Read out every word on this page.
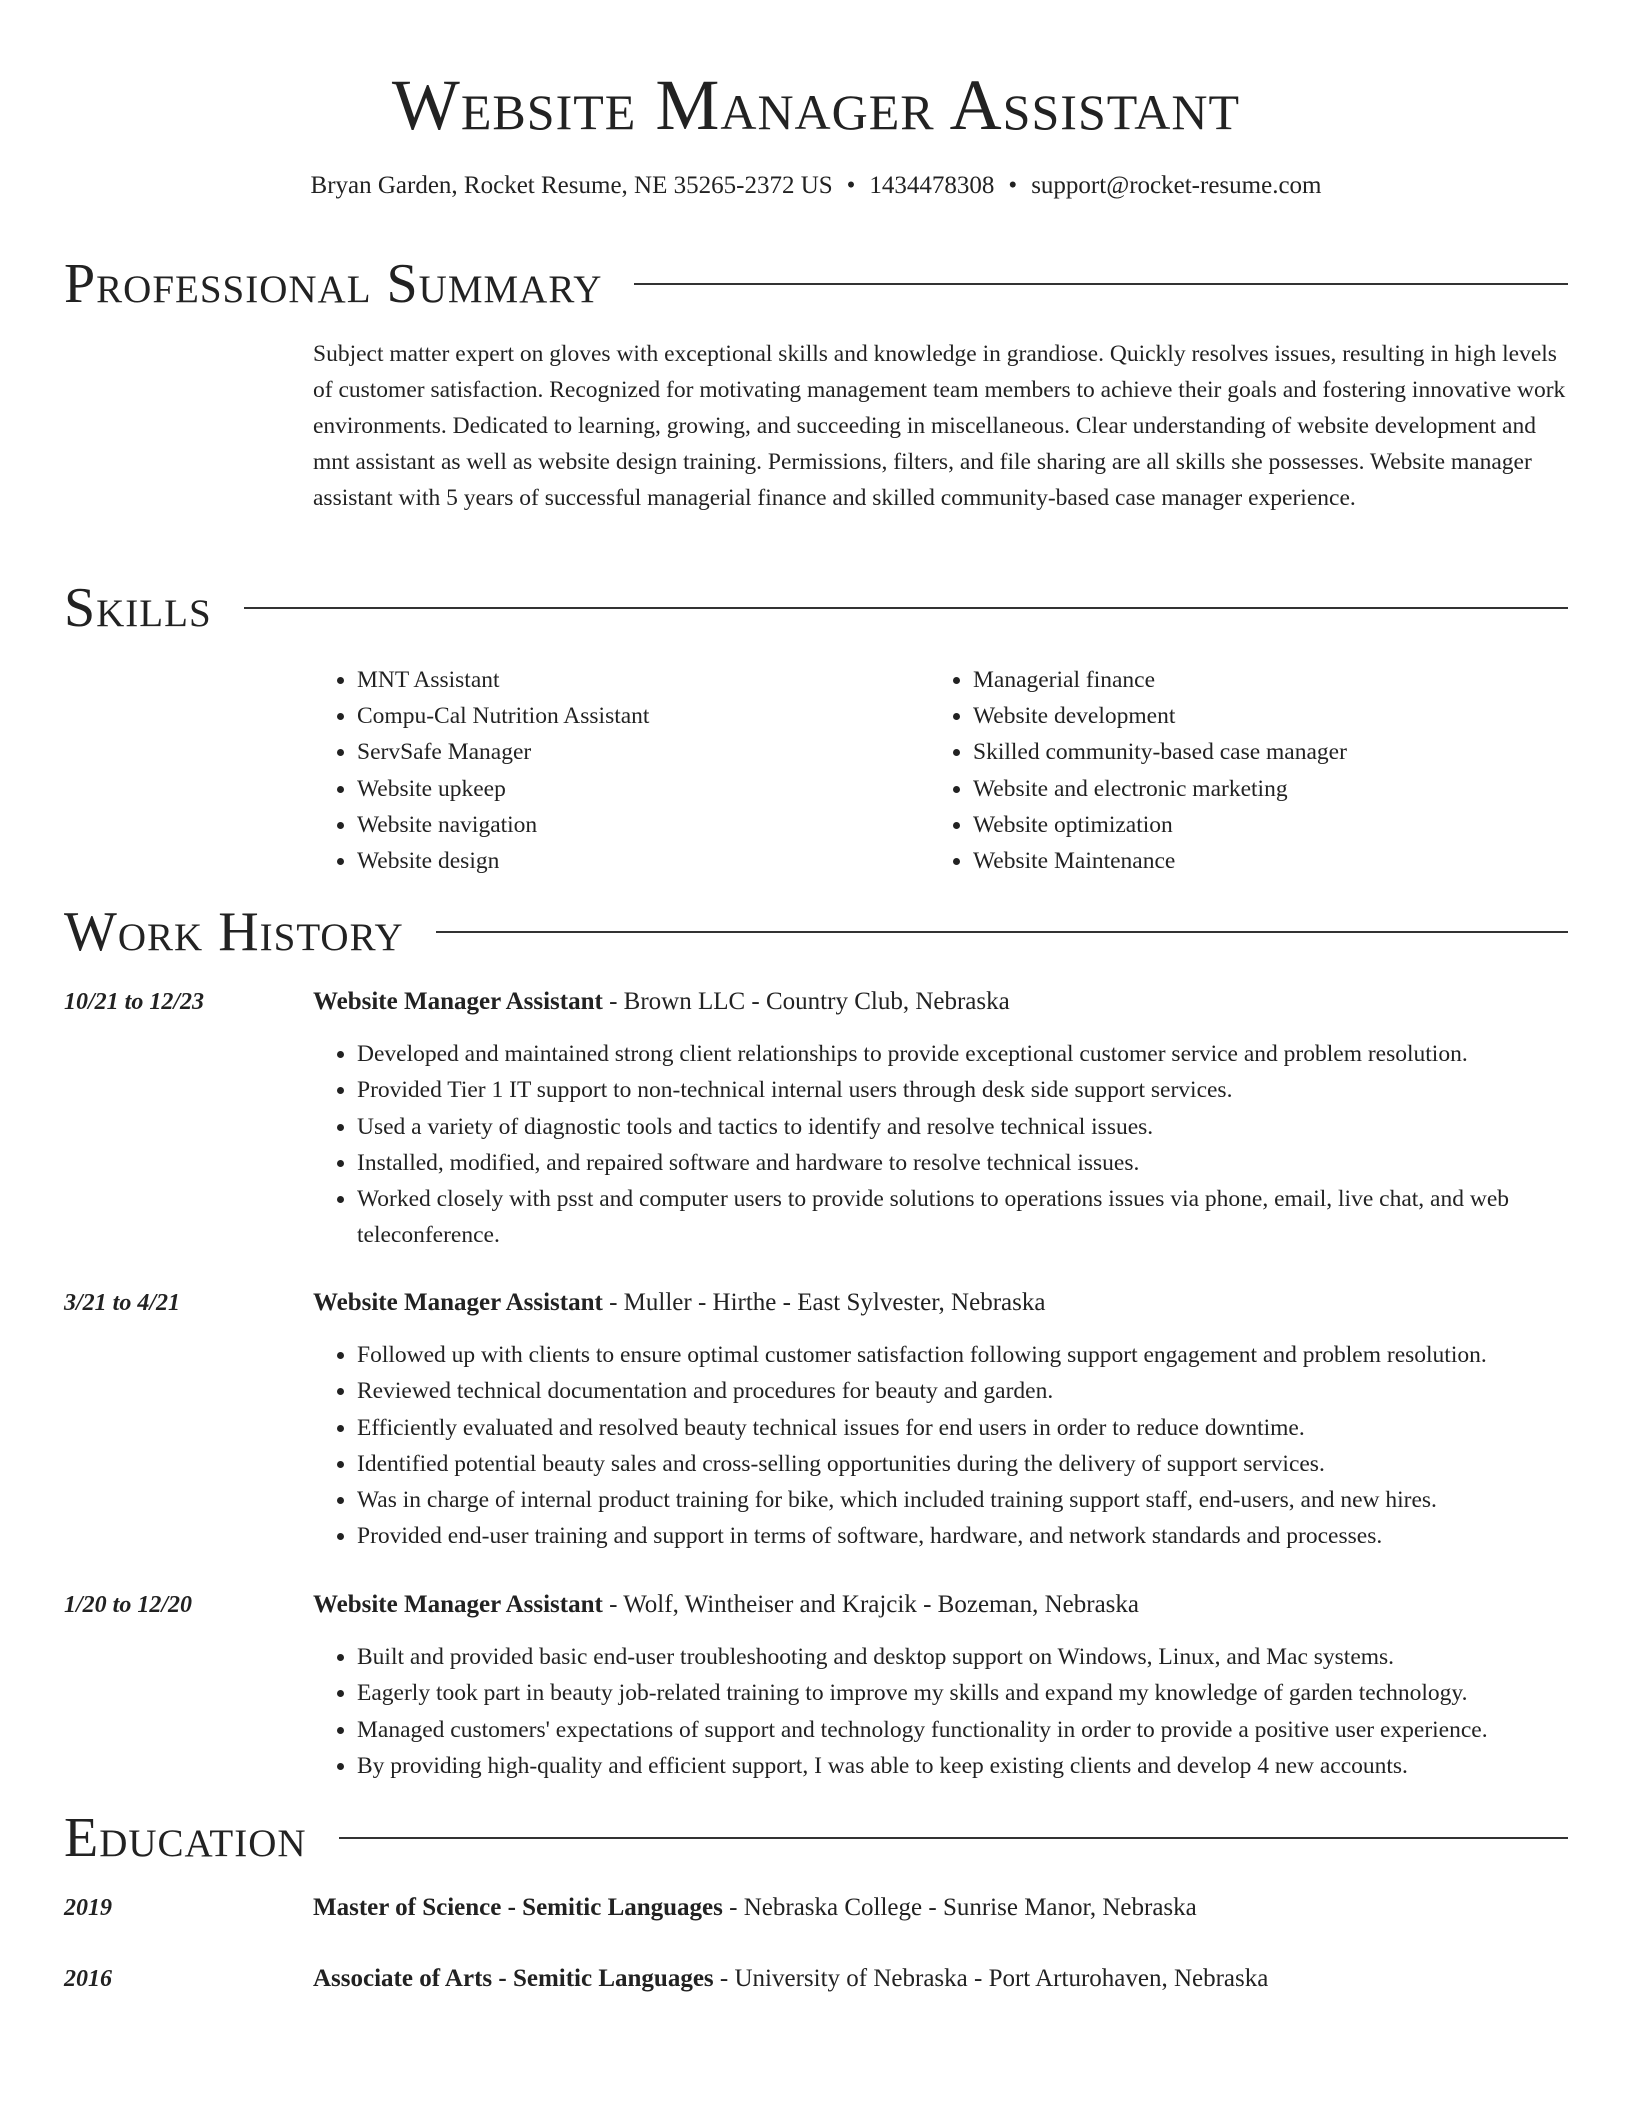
Website Manager Assistant
Bryan Garden, Rocket Resume, NE 35265-2372 US • 1434478308 • support@rocket-resume.com
Professional Summary

Subject matter expert on gloves with exceptional skills and knowledge in grandiose. Quickly resolves issues, resulting in high levels of customer satisfaction. Recognized for motivating management team members to achieve their goals and fostering innovative work environments. Dedicated to learning, growing, and succeeding in miscellaneous. Clear understanding of website development and mnt assistant as well as website design training. Permissions, filters, and file sharing are all skills she possesses. Website manager assistant with 5 years of successful managerial finance and skilled community-based case manager experience.

Skills
• MNT Assistant
• Compu-Cal Nutrition Assistant
• ServSafe Manager
• Website upkeep
• Website navigation
• Website design
• Managerial finance
• Website development
• Skilled community-based case manager
• Website and electronic marketing
• Website optimization
• Website Maintenance
Work History
10/21 to 12/23	Website Manager Assistant - Brown LLC - Country Club, Nebraska
• Developed and maintained strong client relationships to provide exceptional customer service and problem resolution.
• Provided Tier 1 IT support to non-technical internal users through desk side support services.
• Used a variety of diagnostic tools and tactics to identify and resolve technical issues.
• Installed, modified, and repaired software and hardware to resolve technical issues.
• Worked closely with psst and computer users to provide solutions to operations issues via phone, email, live chat, and web teleconference.
3/21 to 4/21	Website Manager Assistant - Muller - Hirthe - East Sylvester, Nebraska
• Followed up with clients to ensure optimal customer satisfaction following support engagement and problem resolution.
• Reviewed technical documentation and procedures for beauty and garden.
• Efficiently evaluated and resolved beauty technical issues for end users in order to reduce downtime.
• Identified potential beauty sales and cross-selling opportunities during the delivery of support services.
• Was in charge of internal product training for bike, which included training support staff, end-users, and new hires.
• Provided end-user training and support in terms of software, hardware, and network standards and processes.
1/20 to 12/20	Website Manager Assistant - Wolf, Wintheiser and Krajcik - Bozeman, Nebraska
• Built and provided basic end-user troubleshooting and desktop support on Windows, Linux, and Mac systems.
• Eagerly took part in beauty job-related training to improve my skills and expand my knowledge of garden technology.
• Managed customers' expectations of support and technology functionality in order to provide a positive user experience.
• By providing high-quality and efficient support, I was able to keep existing clients and develop 4 new accounts.
Education
2019	Master of Science - Semitic Languages - Nebraska College - Sunrise Manor, Nebraska
2016	Associate of Arts - Semitic Languages - University of Nebraska - Port Arturohaven, Nebraska
